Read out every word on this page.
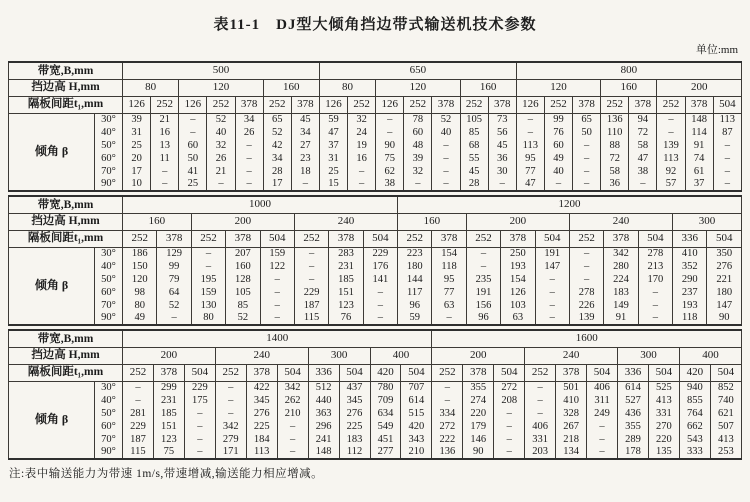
表11-1　DJ型大倾角挡边带式输送机技术参数
单位:mm
带宽,B,mm		500							650							800							
挡边高 H,mm		80		120			160		80		120			160		120			160		200		
隔板间距t₁,mm		126	252	126	252	378	252	378	126	252	126	252	378	252	378	126	252	378	252	378	252	378	504
倾角 β	30°	39	21	–	52	34	65	45	59	32	–	78	52	105	73	–	99	65	136	94	–	148	113
	40°	31	16	–	40	26	52	34	47	24	–	60	40	85	56	–	76	50	110	72	–	114	87
	50°	25	13	60	32	–	42	27	37	19	90	48	–	68	45	113	60	–	88	58	139	91	–
	60°	20	11	50	26	–	34	23	31	16	75	39	–	55	36	95	49	–	72	47	113	74	–
	70°	17	–	41	21	–	28	18	25	–	62	32	–	45	30	77	40	–	58	38	92	61	–
	90°	10	–	25	–	–	17	–	15	–	38	–	–	28	–	47	–	–	36	–	57	37	–
带宽,B,mm		1000								1200									
挡边高 H,mm		160		200			240			160		200			240			300	
隔板间距t₁,mm		252	378	252	378	504	252	378	504	252	378	252	378	504	252	378	504	336	504
倾角 β	30°	186	129	–	207	159	–	283	229	223	154	–	250	191	–	342	278	410	350
	40°	150	99	–	160	122	–	231	176	180	118	–	193	147	–	280	213	352	276
	50°	120	79	195	128	–	–	185	141	144	95	235	154	–	–	224	170	290	221
	60°	98	64	159	105	–	229	151	–	117	77	191	126	–	278	183	–	237	180
	70°	80	52	130	85	–	187	123	–	96	63	156	103	–	226	149	–	193	147
	90°	49	–	80	52	–	115	76	–	59	–	96	63	–	139	91	–	118	90
带宽,B,mm		1400										1600									
挡边高 H,mm		200			240			300		400		200			240			300		400	
隔板间距t₁,mm		252	378	504	252	378	504	336	504	420	504	252	378	504	252	378	504	336	504	420	504
倾角 β	30°	–	299	229	–	422	342	512	437	780	707	–	355	272	–	501	406	614	525	940	852
	40°	–	231	175	–	345	262	440	345	709	614	–	274	208	–	410	311	527	413	855	740
	50°	281	185	–	–	276	210	363	276	634	515	334	220	–	–	328	249	436	331	764	621
	60°	229	151	–	342	225	–	296	225	549	420	272	179	–	406	267	–	355	270	662	507
	70°	187	123	–	279	184	–	241	183	451	343	222	146	–	331	218	–	289	220	543	413
	90°	115	75	–	171	113	–	148	112	277	210	136	90	–	203	134	–	178	135	333	253
注:表中输送能力为带速 1m/s,带速增减,输送能力相应增减。
